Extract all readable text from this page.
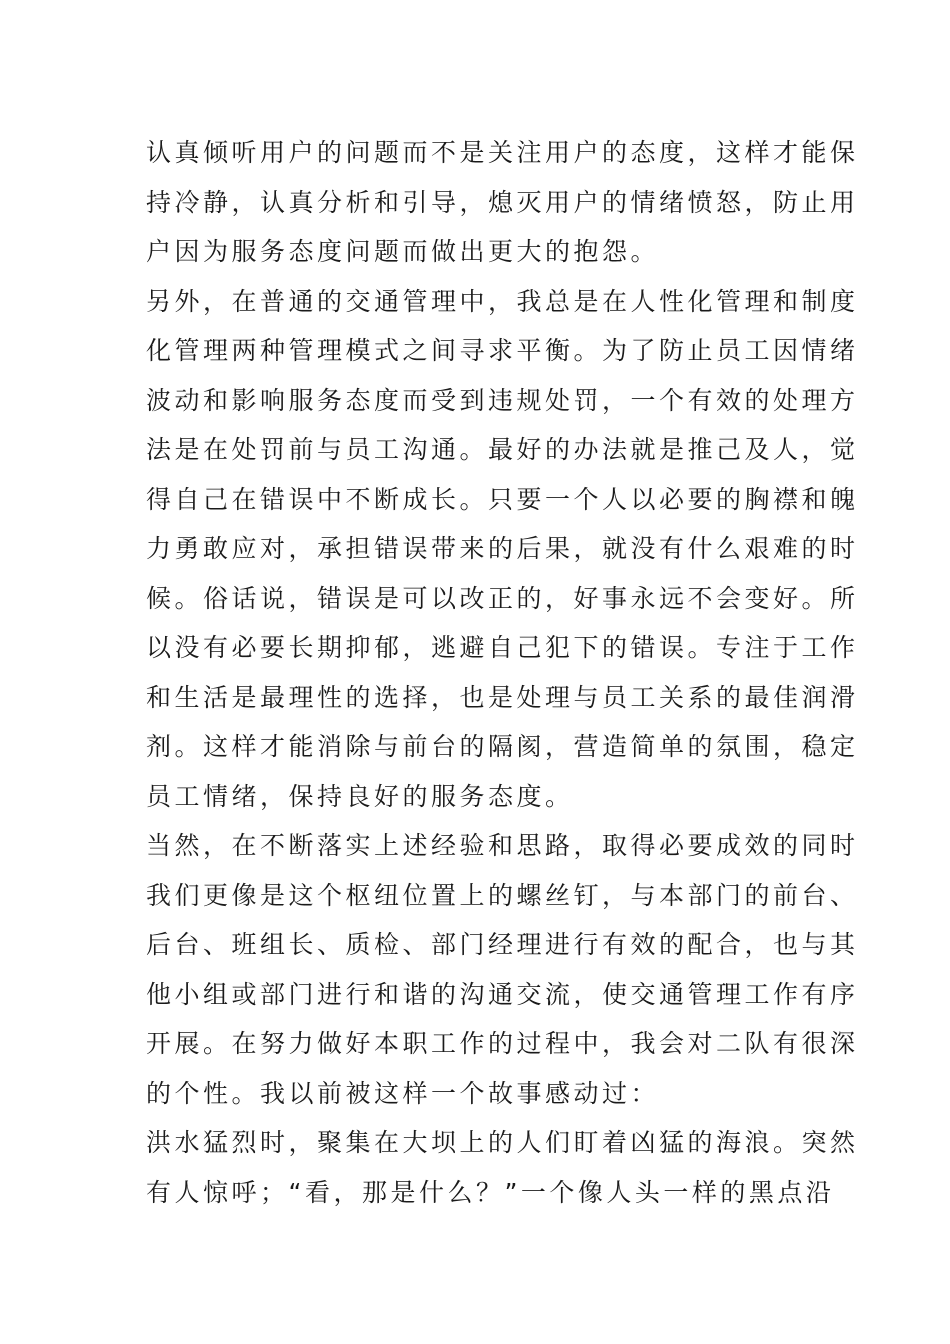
认真倾听用户的问题而不是关注用户的态度，这样才能保
持冷静，认真分析和引导，熄灭用户的情绪愤怒，防止用
户因为服务态度问题而做出更大的抱怨。
另外，在普通的交通管理中，我总是在人性化管理和制度
化管理两种管理模式之间寻求平衡。为了防止员工因情绪
波动和影响服务态度而受到违规处罚，一个有效的处理方
法是在处罚前与员工沟通。最好的办法就是推己及人，觉
得自己在错误中不断成长。只要一个人以必要的胸襟和魄
力勇敢应对，承担错误带来的后果，就没有什么艰难的时
候。俗话说，错误是可以改正的，好事永远不会变好。所
以没有必要长期抑郁，逃避自己犯下的错误。专注于工作
和生活是最理性的选择，也是处理与员工关系的最佳润滑
剂。这样才能消除与前台的隔阂，营造简单的氛围，稳定
员工情绪，保持良好的服务态度。
当然，在不断落实上述经验和思路，取得必要成效的同时
我们更像是这个枢纽位置上的螺丝钉，与本部门的前台、
后台、班组长、质检、部门经理进行有效的配合，也与其
他小组或部门进行和谐的沟通交流，使交通管理工作有序
开展。在努力做好本职工作的过程中，我会对二队有很深
的个性。我以前被这样一个故事感动过：
洪水猛烈时，聚集在大坝上的人们盯着凶猛的海浪。突然
有人惊呼；“看，那是什么？”一个像人头一样的黑点沿
